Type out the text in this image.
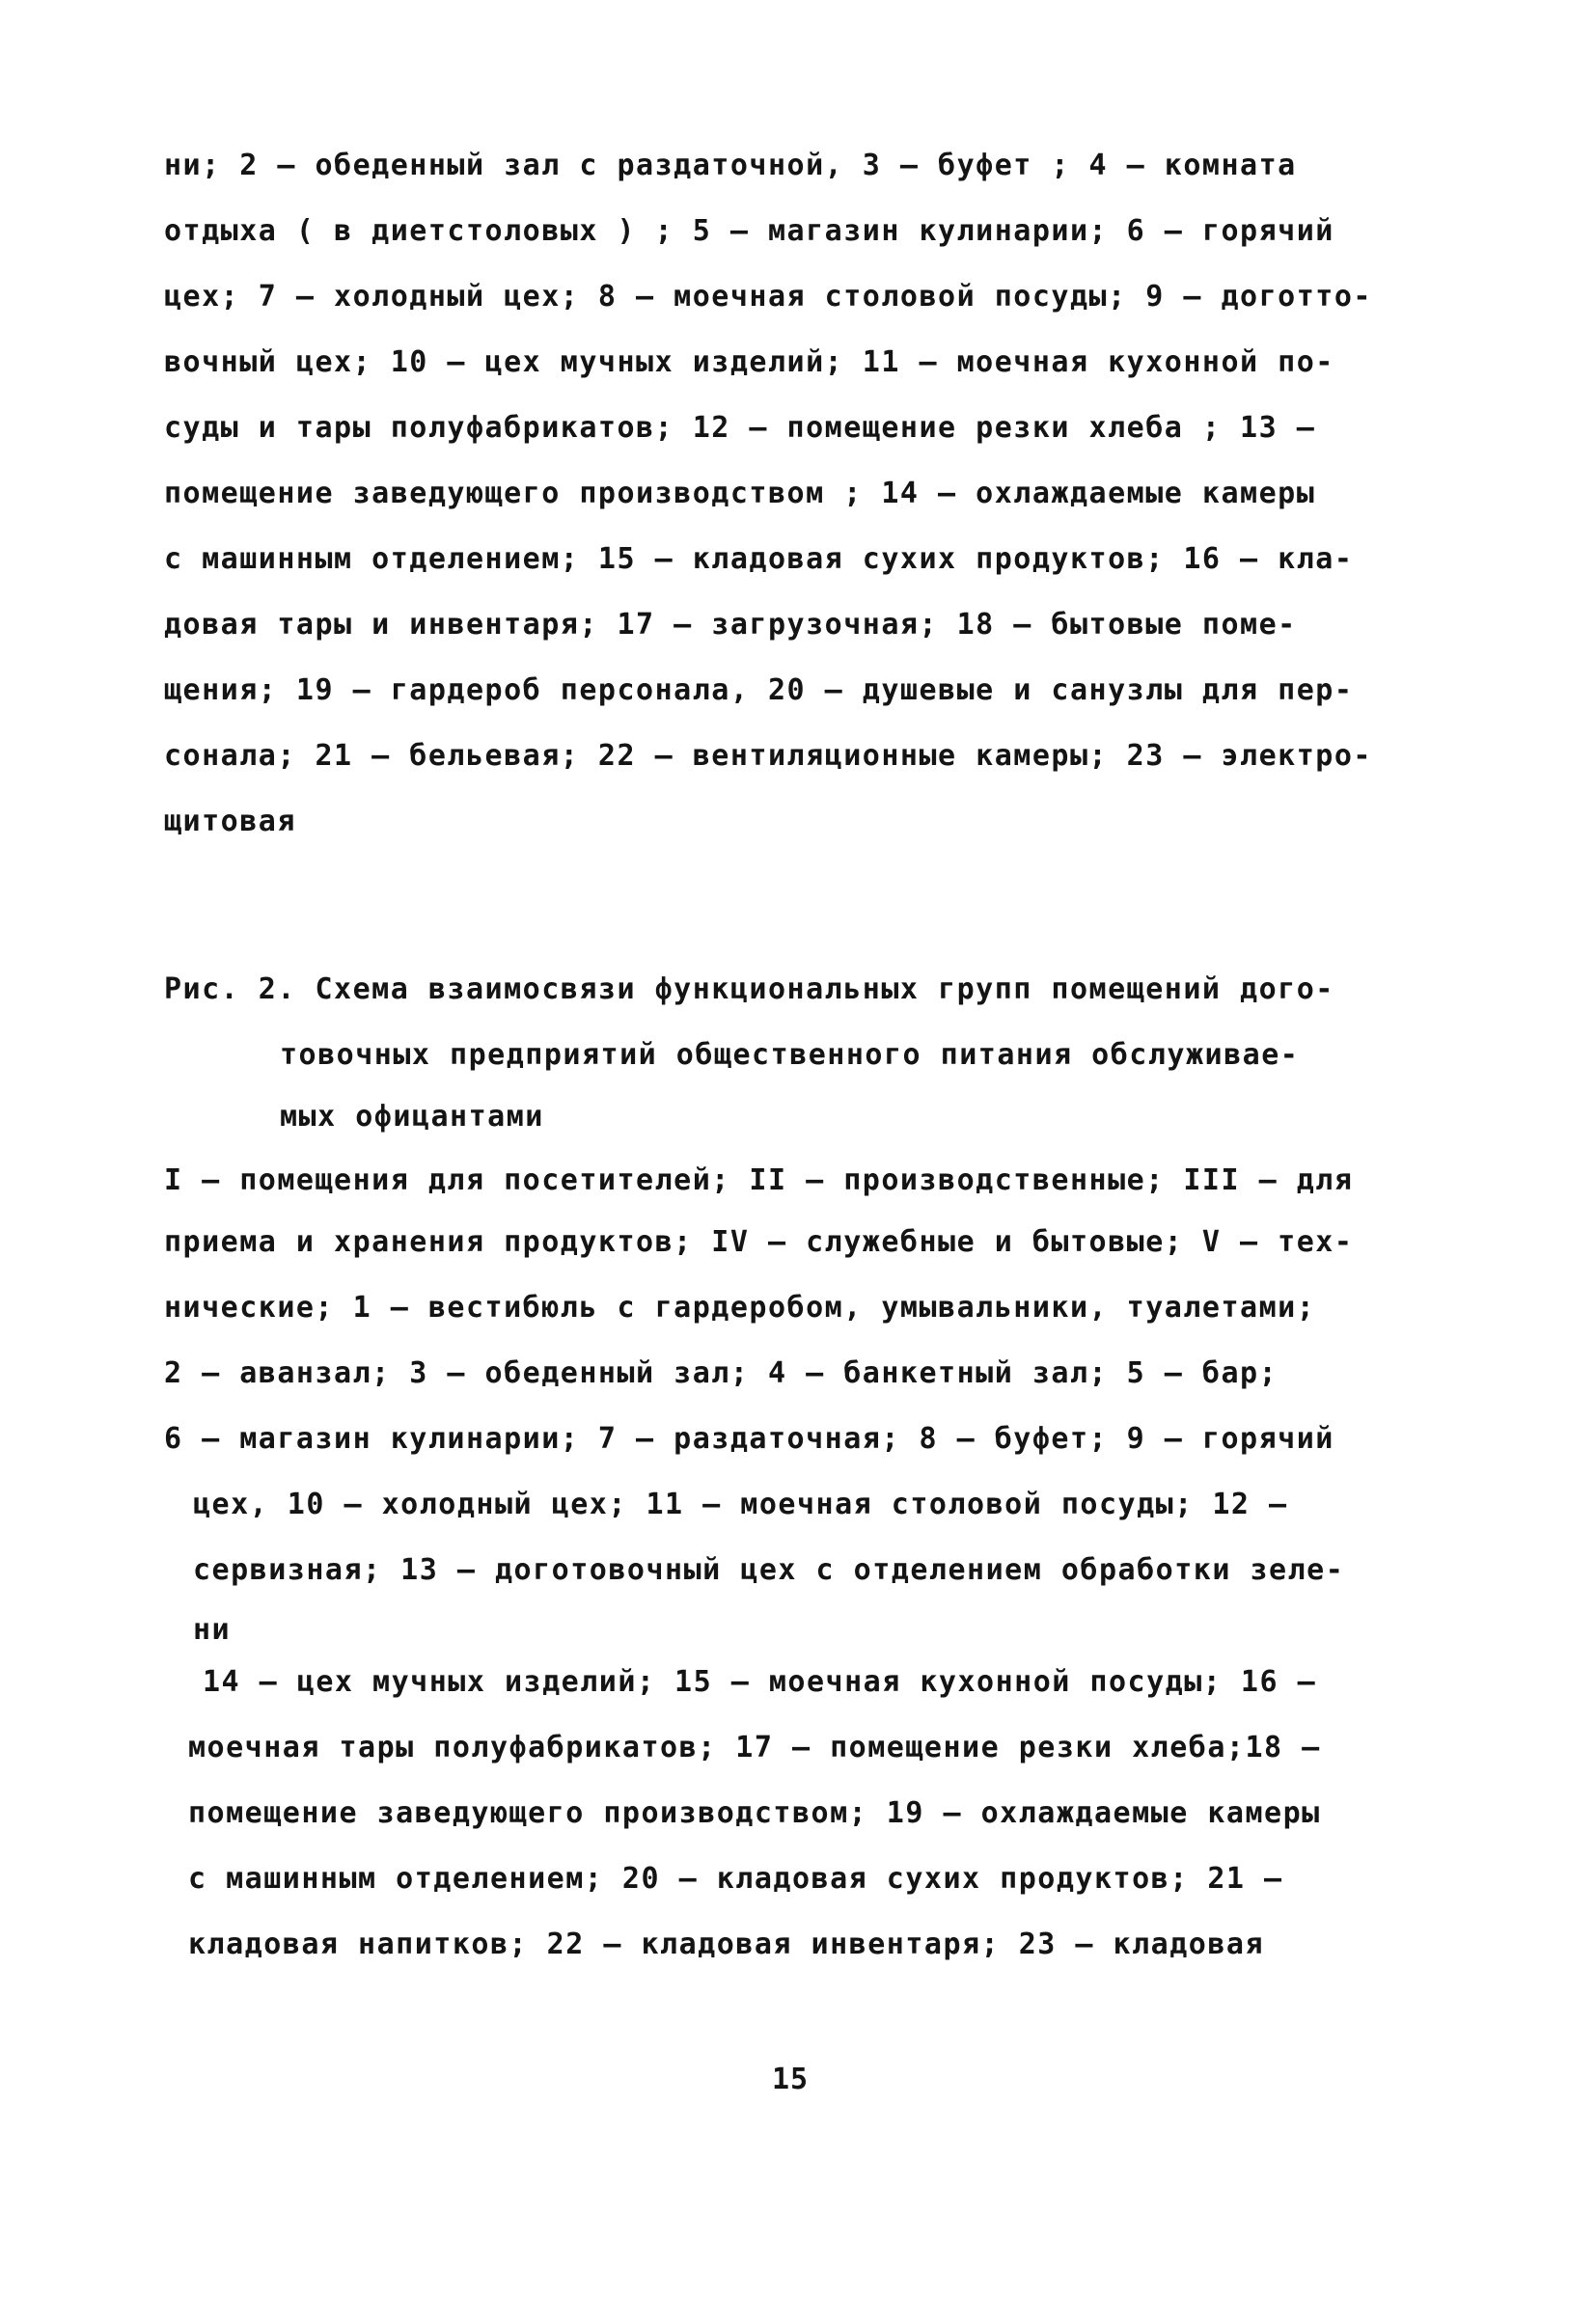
ни; 2 – обеденный зал с раздаточной, 3 – буфет ; 4 – комната
отдыха ( в диетстоловых ) ; 5 – магазин кулинарии; 6 – горячий
цех; 7 – холодный цех; 8 – моечная столовой посуды; 9 – доготто-
вочный цех; 10 – цех мучных изделий; 11 – моечная кухонной по-
суды и тары полуфабрикатов; 12 – помещение резки хлеба ; 13 –
помещение заведующего производством ; 14 – охлаждаемые камеры
с машинным отделением; 15 – кладовая сухих продуктов; 16 – кла-
довая тары и инвентаря; 17 – загрузочная; 18 – бытовые поме-
щения; 19 – гардероб персонала, 20 – душевые и санузлы для пер-
сонала; 21 – бельевая; 22 – вентиляционные камеры; 23 – электро-
щитовая
Рис. 2. Схема взаимосвязи функциональных групп помещений дого-
товочных предприятий общественного питания обслуживае-
мых офицантами
I – помещения для посетителей; II – производственные; III – для
приема и хранения продуктов; IV – служебные и бытовые; V – тех-
нические; 1 – вестибюль с гардеробом, умывальники, туалетами;
2 – аванзал; 3 – обеденный зал; 4 – банкетный зал; 5 – бар;
6 – магазин кулинарии; 7 – раздаточная; 8 – буфет; 9 – горячий
цех, 10 – холодный цех; 11 – моечная столовой посуды; 12 –
сервизная; 13 – доготовочный цех с отделением обработки зеле-
ни
14 – цех мучных изделий; 15 – моечная кухонной посуды; 16 –
моечная тары полуфабрикатов; 17 – помещение резки хлеба;18 –
помещение заведующего производством; 19 – охлаждаемые камеры
с машинным отделением; 20 – кладовая сухих продуктов; 21 –
кладовая напитков; 22 – кладовая инвентаря; 23 – кладовая
15
